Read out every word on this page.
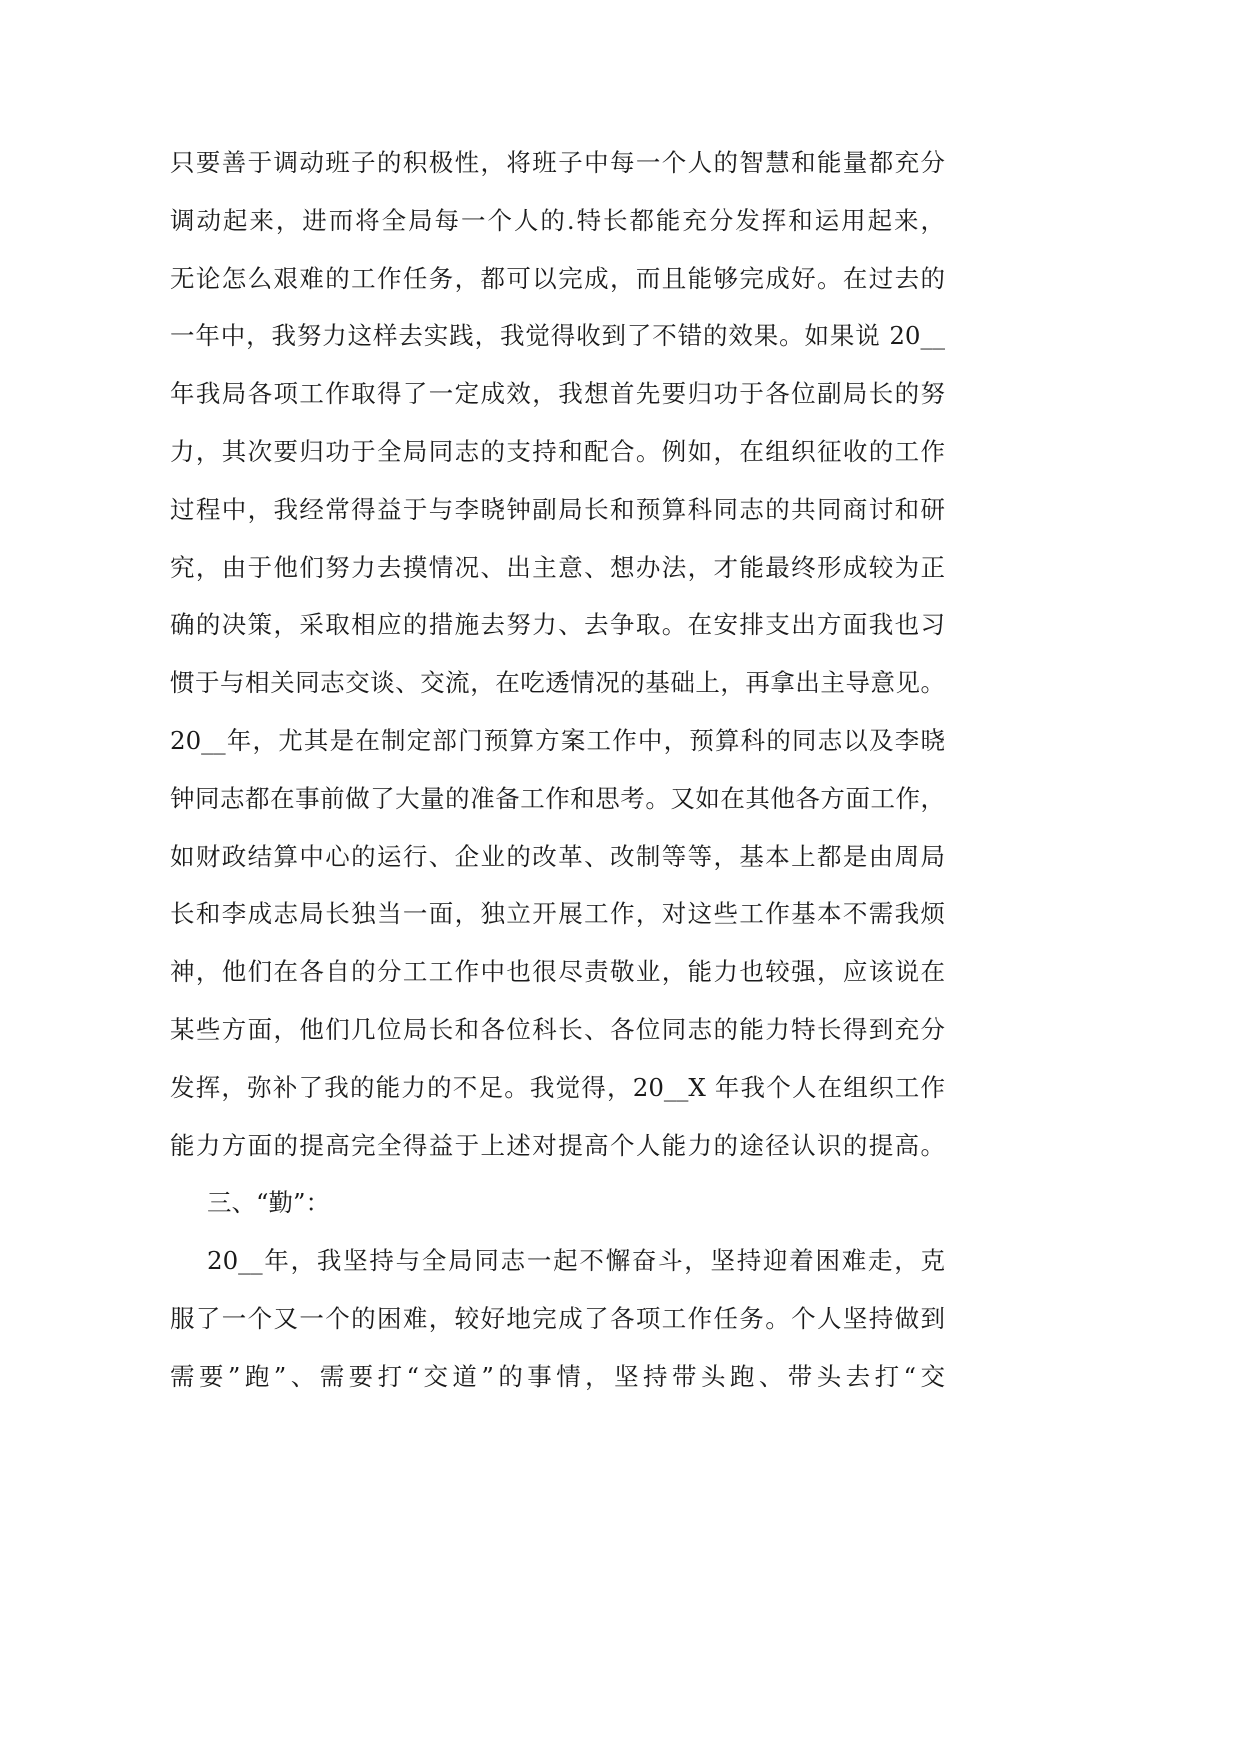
只要善于调动班子的积极性，将班子中每一个人的智慧和能量都充分
调动起来，进而将全局每一个人的.特长都能充分发挥和运用起来，
无论怎么艰难的工作任务，都可以完成，而且能够完成好。在过去的
一年中，我努力这样去实践，我觉得收到了不错的效果。如果说 20__
年我局各项工作取得了一定成效，我想首先要归功于各位副局长的努
力，其次要归功于全局同志的支持和配合。例如，在组织征收的工作
过程中，我经常得益于与李晓钟副局长和预算科同志的共同商讨和研
究，由于他们努力去摸情况、出主意、想办法，才能最终形成较为正
确的决策，采取相应的措施去努力、去争取。在安排支出方面我也习
惯于与相关同志交谈、交流，在吃透情况的基础上，再拿出主导意见。
20__年，尤其是在制定部门预算方案工作中，预算科的同志以及李晓
钟同志都在事前做了大量的准备工作和思考。又如在其他各方面工作，
如财政结算中心的运行、企业的改革、改制等等，基本上都是由周局
长和李成志局长独当一面，独立开展工作，对这些工作基本不需我烦
神，他们在各自的分工工作中也很尽责敬业，能力也较强，应该说在
某些方面，他们几位局长和各位科长、各位同志的能力特长得到充分
发挥，弥补了我的能力的不足。我觉得，20__X 年我个人在组织工作
能力方面的提高完全得益于上述对提高个人能力的途径认识的提高。
三、“勤”：
20__年，我坚持与全局同志一起不懈奋斗，坚持迎着困难走，克
服了一个又一个的困难，较好地完成了各项工作任务。个人坚持做到
需要”跑”、需要打“交道”的事情，坚持带头跑、带头去打“交
